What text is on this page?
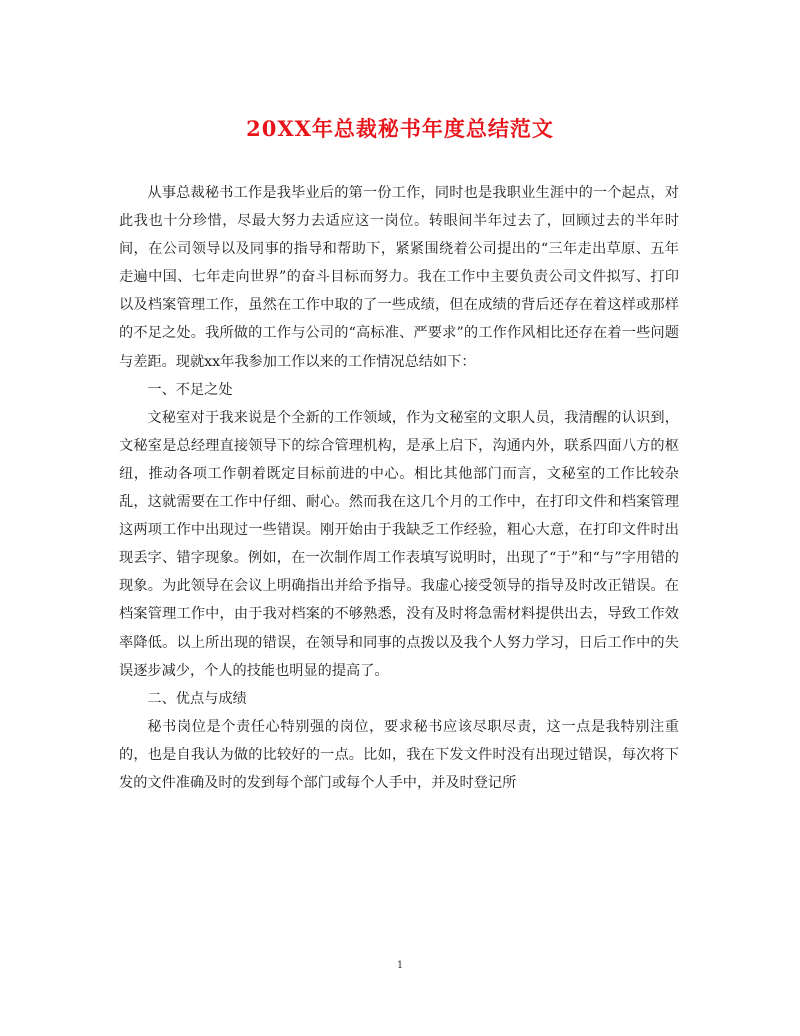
20XX年总裁秘书年度总结范文

从事总裁秘书工作是我毕业后的第一份工作，同时也是我职业生涯中的一个起点，对此我也十分珍惜，尽最大努力去适应这一岗位。转眼间半年过去了，回顾过去的半年时间，在公司领导以及同事的指导和帮助下，紧紧围绕着公司提出的“三年走出草原、五年走遍中国、七年走向世界”的奋斗目标而努力。我在工作中主要负责公司文件拟写、打印以及档案管理工作，虽然在工作中取的了一些成绩，但在成绩的背后还存在着这样或那样的不足之处。我所做的工作与公司的“高标准、严要求”的工作作风相比还存在着一些问题与差距。现就xx年我参加工作以来的工作情况总结如下：

一、不足之处

文秘室对于我来说是个全新的工作领域，作为文秘室的文职人员，我清醒的认识到，文秘室是总经理直接领导下的综合管理机构，是承上启下，沟通内外，联系四面八方的枢纽，推动各项工作朝着既定目标前进的中心。相比其他部门而言，文秘室的工作比较杂乱，这就需要在工作中仔细、耐心。然而我在这几个月的工作中，在打印文件和档案管理这两项工作中出现过一些错误。刚开始由于我缺乏工作经验，粗心大意，在打印文件时出现丢字、错字现象。例如，在一次制作周工作表填写说明时，出现了“于”和“与”字用错的现象。为此领导在会议上明确指出并给予指导。我虚心接受领导的指导及时改正错误。在档案管理工作中，由于我对档案的不够熟悉，没有及时将急需材料提供出去，导致工作效率降低。以上所出现的错误，在领导和同事的点拨以及我个人努力学习，日后工作中的失误逐步减少，个人的技能也明显的提高了。

二、优点与成绩

秘书岗位是个责任心特别强的岗位，要求秘书应该尽职尽责，这一点是我特别注重的，也是自我认为做的比较好的一点。比如，我在下发文件时没有出现过错误，每次将下发的文件准确及时的发到每个部门或每个人手中，并及时登记所

1
